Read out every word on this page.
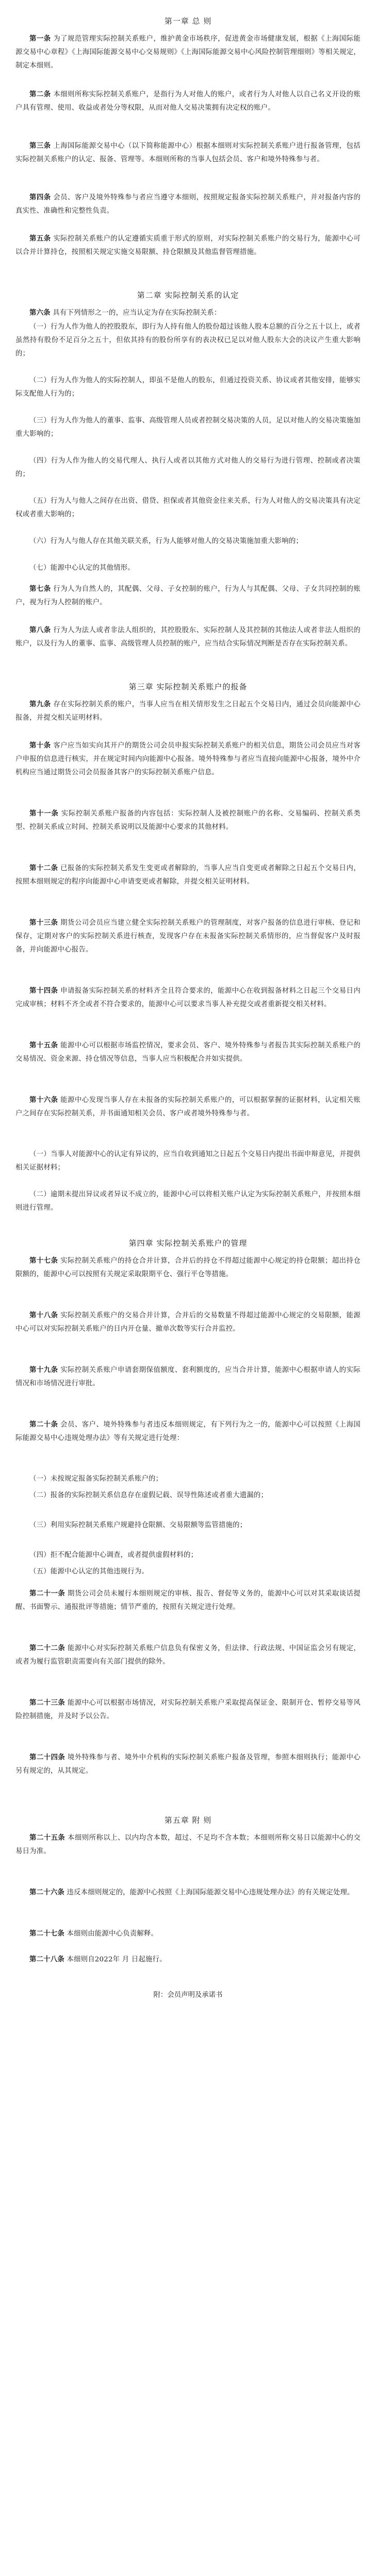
第一章 总 则

第一条 为了规范管理实际控制关系账户，维护黄金市场秩序，促进黄金市场健康发展，根据《上海国际能源交易中心章程》《上海国际能源交易中心交易规则》《上海国际能源交易中心风险控制管理细则》等相关规定，制定本细则。

第二条 本细则所称实际控制关系账户，是指行为人对他人的账户，或者行为人对他人以自己名义开设的账户具有管理、使用、收益或者处分等权限，从而对他人交易决策拥有决定权的账户。

第三条 上海国际能源交易中心（以下简称能源中心）根据本细则对实际控制关系账户进行报备管理，包括实际控制关系账户的认定、报备、管理等。本细则所称的当事人包括会员、客户和境外特殊参与者。

第四条 会员、客户及境外特殊参与者应当遵守本细则，按照规定报备实际控制关系账户，并对报备内容的真实性、准确性和完整性负责。

第五条 实际控制关系账户的认定遵循实质重于形式的原则，对实际控制关系账户的交易行为，能源中心可以合并计算持仓，按照相关规定实施交易限额、持仓限额及其他监督管理措施。

第二章 实际控制关系的认定

第六条 具有下列情形之一的，应当认定为存在实际控制关系：

（一）行为人作为他人的控股股东，即行为人持有他人的股份超过该他人股本总额的百分之五十以上，或者虽然持有股份不足百分之五十，但依其持有的股份所享有的表决权已足以对他人股东大会的决议产生重大影响的；

（二）行为人作为他人的实际控制人，即虽不是他人的股东，但通过投资关系、协议或者其他安排，能够实际支配他人行为的；

（三）行为人作为他人的董事、监事、高级管理人员或者控制交易决策的人员，足以对他人的交易决策施加重大影响的；

（四）行为人作为他人的交易代理人、执行人或者以其他方式对他人的交易行为进行管理、控制或者决策的；

（五）行为人与他人之间存在出资、借贷、担保或者其他资金往来关系，行为人对他人的交易决策具有决定权或者重大影响的；

（六）行为人与他人存在其他关联关系，行为人能够对他人的交易决策施加重大影响的；

（七）能源中心认定的其他情形。

第七条 行为人为自然人的，其配偶、父母、子女控制的账户，行为人与其配偶、父母、子女共同控制的账户，视为行为人控制的账户。

第八条 行为人为法人或者非法人组织的，其控股股东、实际控制人及其控制的其他法人或者非法人组织的账户，以及行为人的董事、监事、高级管理人员控制的账户，应当结合实际情况判断是否存在实际控制关系。

第三章 实际控制关系账户的报备

第九条 存在实际控制关系的账户，当事人应当在相关情形发生之日起五个交易日内，通过会员向能源中心报备，并提交相关证明材料。

第十条 客户应当如实向其开户的期货公司会员申报实际控制关系账户的相关信息，期货公司会员应当对客户申报的信息进行核实，并在规定时间内向能源中心报备。境外特殊参与者应当直接向能源中心报备，境外中介机构应当通过期货公司会员报备其客户的实际控制关系账户信息。

第十一条 实际控制关系账户报备的内容包括：实际控制人及被控制账户的名称、交易编码、控制关系类型、控制关系成立时间、控制关系说明以及能源中心要求的其他材料。

第十二条 已报备的实际控制关系发生变更或者解除的，当事人应当自变更或者解除之日起五个交易日内，按照本细则规定的程序向能源中心申请变更或者解除，并提交相关证明材料。

第十三条 期货公司会员应当建立健全实际控制关系账户的管理制度，对客户报备的信息进行审核、登记和保存，定期对客户的实际控制关系进行核查，发现客户存在未报备实际控制关系情形的，应当督促客户及时报备，并向能源中心报告。

第十四条 申请报备实际控制关系的材料齐全且符合要求的，能源中心在收到报备材料之日起三个交易日内完成审核；材料不齐全或者不符合要求的，能源中心可以要求当事人补充提交或者重新提交相关材料。

第十五条 能源中心可以根据市场监控情况，要求会员、客户、境外特殊参与者报告其实际控制关系账户的交易情况、资金来源、持仓情况等信息，当事人应当积极配合并如实提供。

第十六条 能源中心发现当事人存在未报备的实际控制关系账户的，可以根据掌握的证据材料，认定相关账户之间存在实际控制关系，并书面通知相关会员、客户或者境外特殊参与者。

（一）当事人对能源中心的认定有异议的，应当自收到通知之日起五个交易日内提出书面申辩意见，并提供相关证据材料；

（二）逾期未提出异议或者异议不成立的，能源中心可以将相关账户认定为实际控制关系账户，并按照本细则进行管理。

第四章 实际控制关系账户的管理

第十七条 实际控制关系账户的持仓合并计算，合并后的持仓不得超过能源中心规定的持仓限额；超出持仓限额的，能源中心可以按照有关规定采取限期平仓、强行平仓等措施。

第十八条 实际控制关系账户的交易合并计算，合并后的交易数量不得超过能源中心规定的交易限额，能源中心可以对实际控制关系账户的日内开仓量、撤单次数等实行合并监控。

第十九条 实际控制关系账户申请套期保值额度、套利额度的，应当合并计算，能源中心根据申请人的实际情况和市场情况进行审批。

第二十条 会员、客户、境外特殊参与者违反本细则规定，有下列行为之一的，能源中心可以按照《上海国际能源交易中心违规处理办法》等有关规定进行处理：

（一）未按规定报备实际控制关系账户的；

（二）报备的实际控制关系信息存在虚假记载、误导性陈述或者重大遗漏的；

（三）利用实际控制关系账户规避持仓限额、交易限额等监管措施的；

（四）拒不配合能源中心调查，或者提供虚假材料的；

（五）能源中心认定的其他违规行为。

第二十一条 期货公司会员未履行本细则规定的审核、报告、督促等义务的，能源中心可以对其采取谈话提醒、书面警示、通报批评等措施；情节严重的，按照有关规定进行处理。

第二十二条 能源中心对实际控制关系账户信息负有保密义务，但法律、行政法规、中国证监会另有规定，或者为履行监管职责需要向有关部门提供的除外。

第二十三条 能源中心可以根据市场情况，对实际控制关系账户采取提高保证金、限制开仓、暂停交易等风险控制措施，并及时予以公告。

第二十四条 境外特殊参与者、境外中介机构的实际控制关系账户报备及管理，参照本细则执行；能源中心另有规定的，从其规定。

第五章 附 则

第二十五条 本细则所称以上、以内均含本数，超过、不足均不含本数；本细则所称交易日以能源中心的交易日为准。

第二十六条 违反本细则规定的，能源中心按照《上海国际能源交易中心违规处理办法》的有关规定处理。

第二十七条 本细则由能源中心负责解释。

第二十八条 本细则自2022年 月 日起施行。

附：会员声明及承诺书
